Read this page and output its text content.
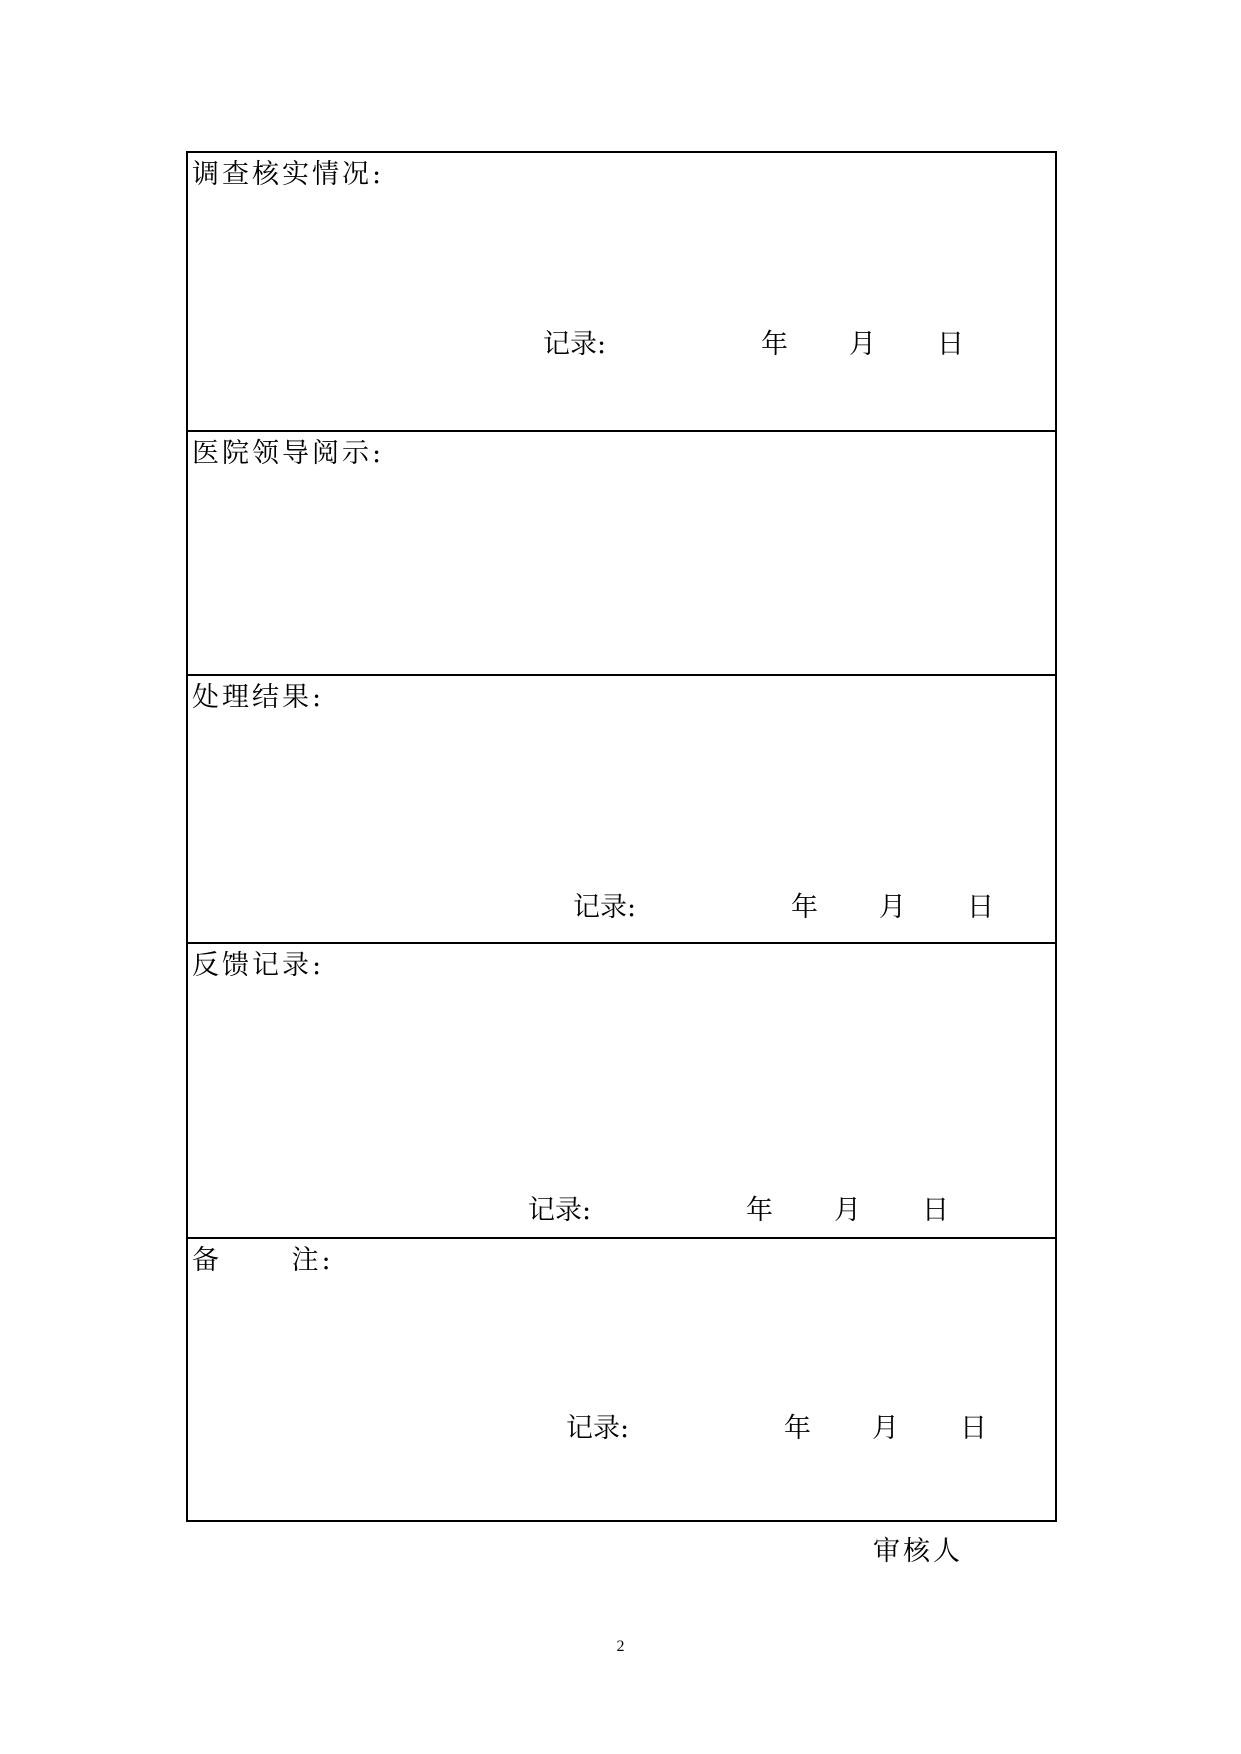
调查核实情况:
记录:	年 月 日
医院领导阅示:
处理结果:
记录:	年 月 日
反馈记录:
记录:	年 月 日
备      注:
记录:	年 月 日
审核人
2
